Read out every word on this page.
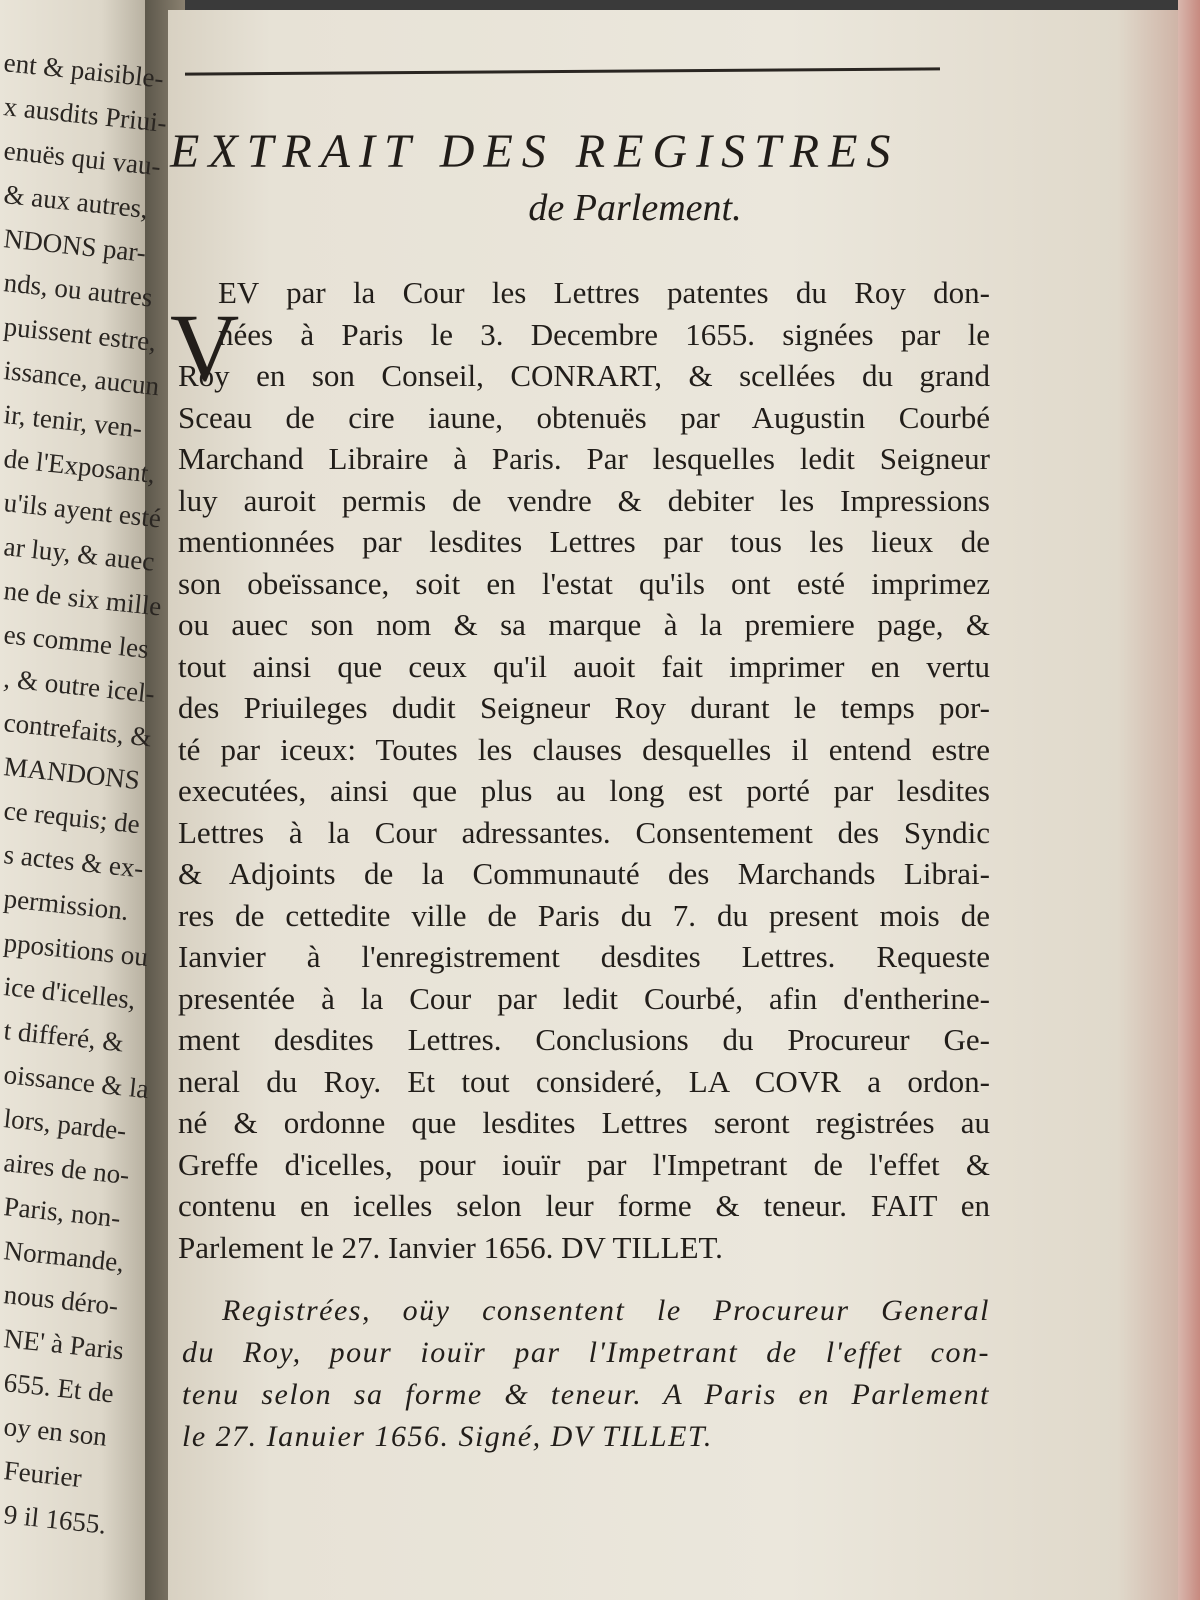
ent & paisible-
x ausdits Priui-
enuës qui vau-
& aux autres,
NDONS par-
nds, ou autres
puissent estre,
issance, aucun
ir, tenir, ven-
de l'Exposant,
u'ils ayent esté
ar luy, & auec
ne de six mille
es comme les
, & outre icel-
contrefaits, &
MANDONS
ce requis; de
s actes & ex-
permission.
ppositions ou
ice d'icelles,
t differé, &
oissance & la
lors, parde-
aires de no-
Paris, non-
Normande,
nous déro-
NE' à Paris
655. Et de
oy en son
Feurier
9 il 1655.
EXTRAIT DES REGISTRES
de Parlement.
V
EV par la Cour les Lettres patentes du Roy don-
nées à Paris le 3. Decembre 1655. signées par le
Roy en son Conseil, CONRART, & scellées du grand
Sceau de cire iaune, obtenuës par Augustin Courbé
Marchand Libraire à Paris. Par lesquelles ledit Seigneur
luy auroit permis de vendre & debiter les Impressions
mentionnées par lesdites Lettres par tous les lieux de
son obeïssance, soit en l'estat qu'ils ont esté imprimez
ou auec son nom & sa marque à la premiere page, &
tout ainsi que ceux qu'il auoit fait imprimer en vertu
des Priuileges dudit Seigneur Roy durant le temps por-
té par iceux: Toutes les clauses desquelles il entend estre
executées, ainsi que plus au long est porté par lesdites
Lettres à la Cour adressantes. Consentement des Syndic
& Adjoints de la Communauté des Marchands Librai-
res de cettedite ville de Paris du 7. du present mois de
Ianvier à l'enregistrement desdites Lettres. Requeste
presentée à la Cour par ledit Courbé, afin d'entherine-
ment desdites Lettres. Conclusions du Procureur Ge-
neral du Roy. Et tout consideré, LA COVR a ordon-
né & ordonne que lesdites Lettres seront registrées au
Greffe d'icelles, pour iouïr par l'Impetrant de l'effet &
contenu en icelles selon leur forme & teneur. FAIT en
Parlement le 27. Ianvier 1656. DV TILLET.
Registrées, oüy consentent le Procureur General
du Roy, pour iouïr par l'Impetrant de l'effet con-
tenu selon sa forme & teneur. A Paris en Parlement
le 27. Ianuier 1656. Signé, DV TILLET.
